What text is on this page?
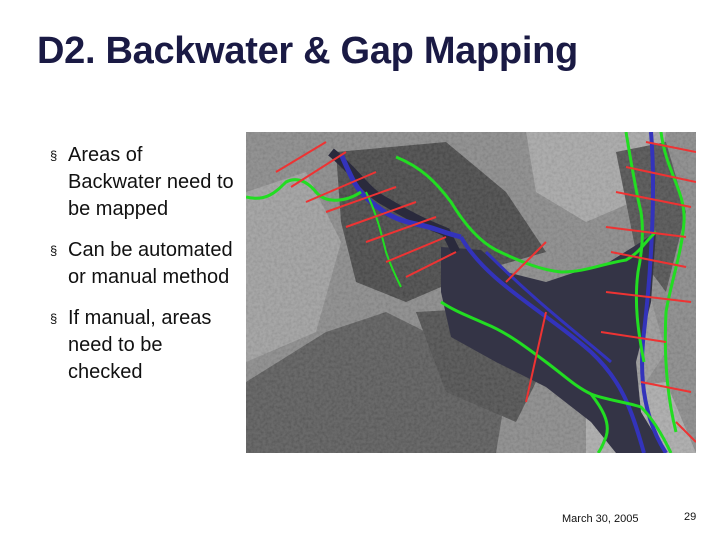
D2. Backwater & Gap Mapping
§ Areas of Backwater need to be mapped
§ Can be automated or manual method
§ If manual, areas need to be checked
March 30, 2005	29
